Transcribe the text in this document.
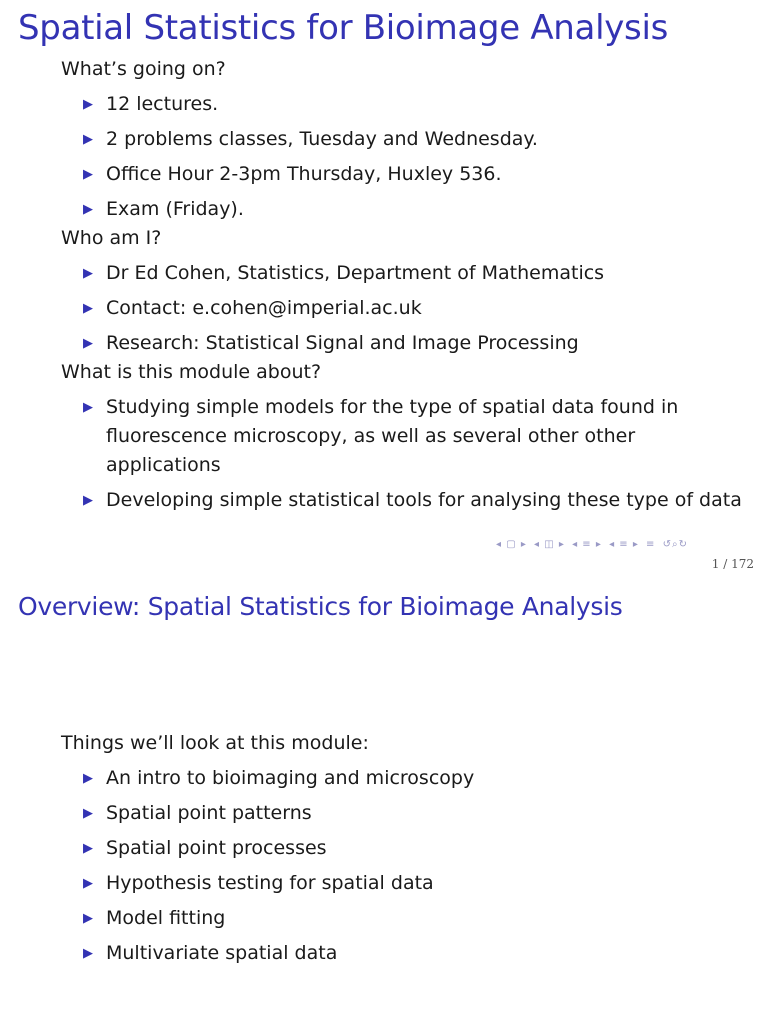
Spatial Statistics for Bioimage Analysis

What’s going on?

▶ 12 lectures.
▶ 2 problems classes, Tuesday and Wednesday.
▶ Office Hour 2-3pm Thursday, Huxley 536.
▶ Exam (Friday).

Who am I?

▶ Dr Ed Cohen, Statistics, Department of Mathematics
▶ Contact: e.cohen@imperial.ac.uk
▶ Research: Statistical Signal and Image Processing

What is this module about?

▶ Studying simple models for the type of spatial data found in fluorescence microscopy, as well as several other other applications
▶ Developing simple statistical tools for analysing these type of data
◂ ▢ ▸ ◂ ◫ ▸ ◂ ≡ ▸ ◂ ≡ ▸ ≡ ↺⌕↻
1 / 172
Overview: Spatial Statistics for Bioimage Analysis

Things we’ll look at this module:

▶ An intro to bioimaging and microscopy
▶ Spatial point patterns
▶ Spatial point processes
▶ Hypothesis testing for spatial data
▶ Model fitting
▶ Multivariate spatial data
